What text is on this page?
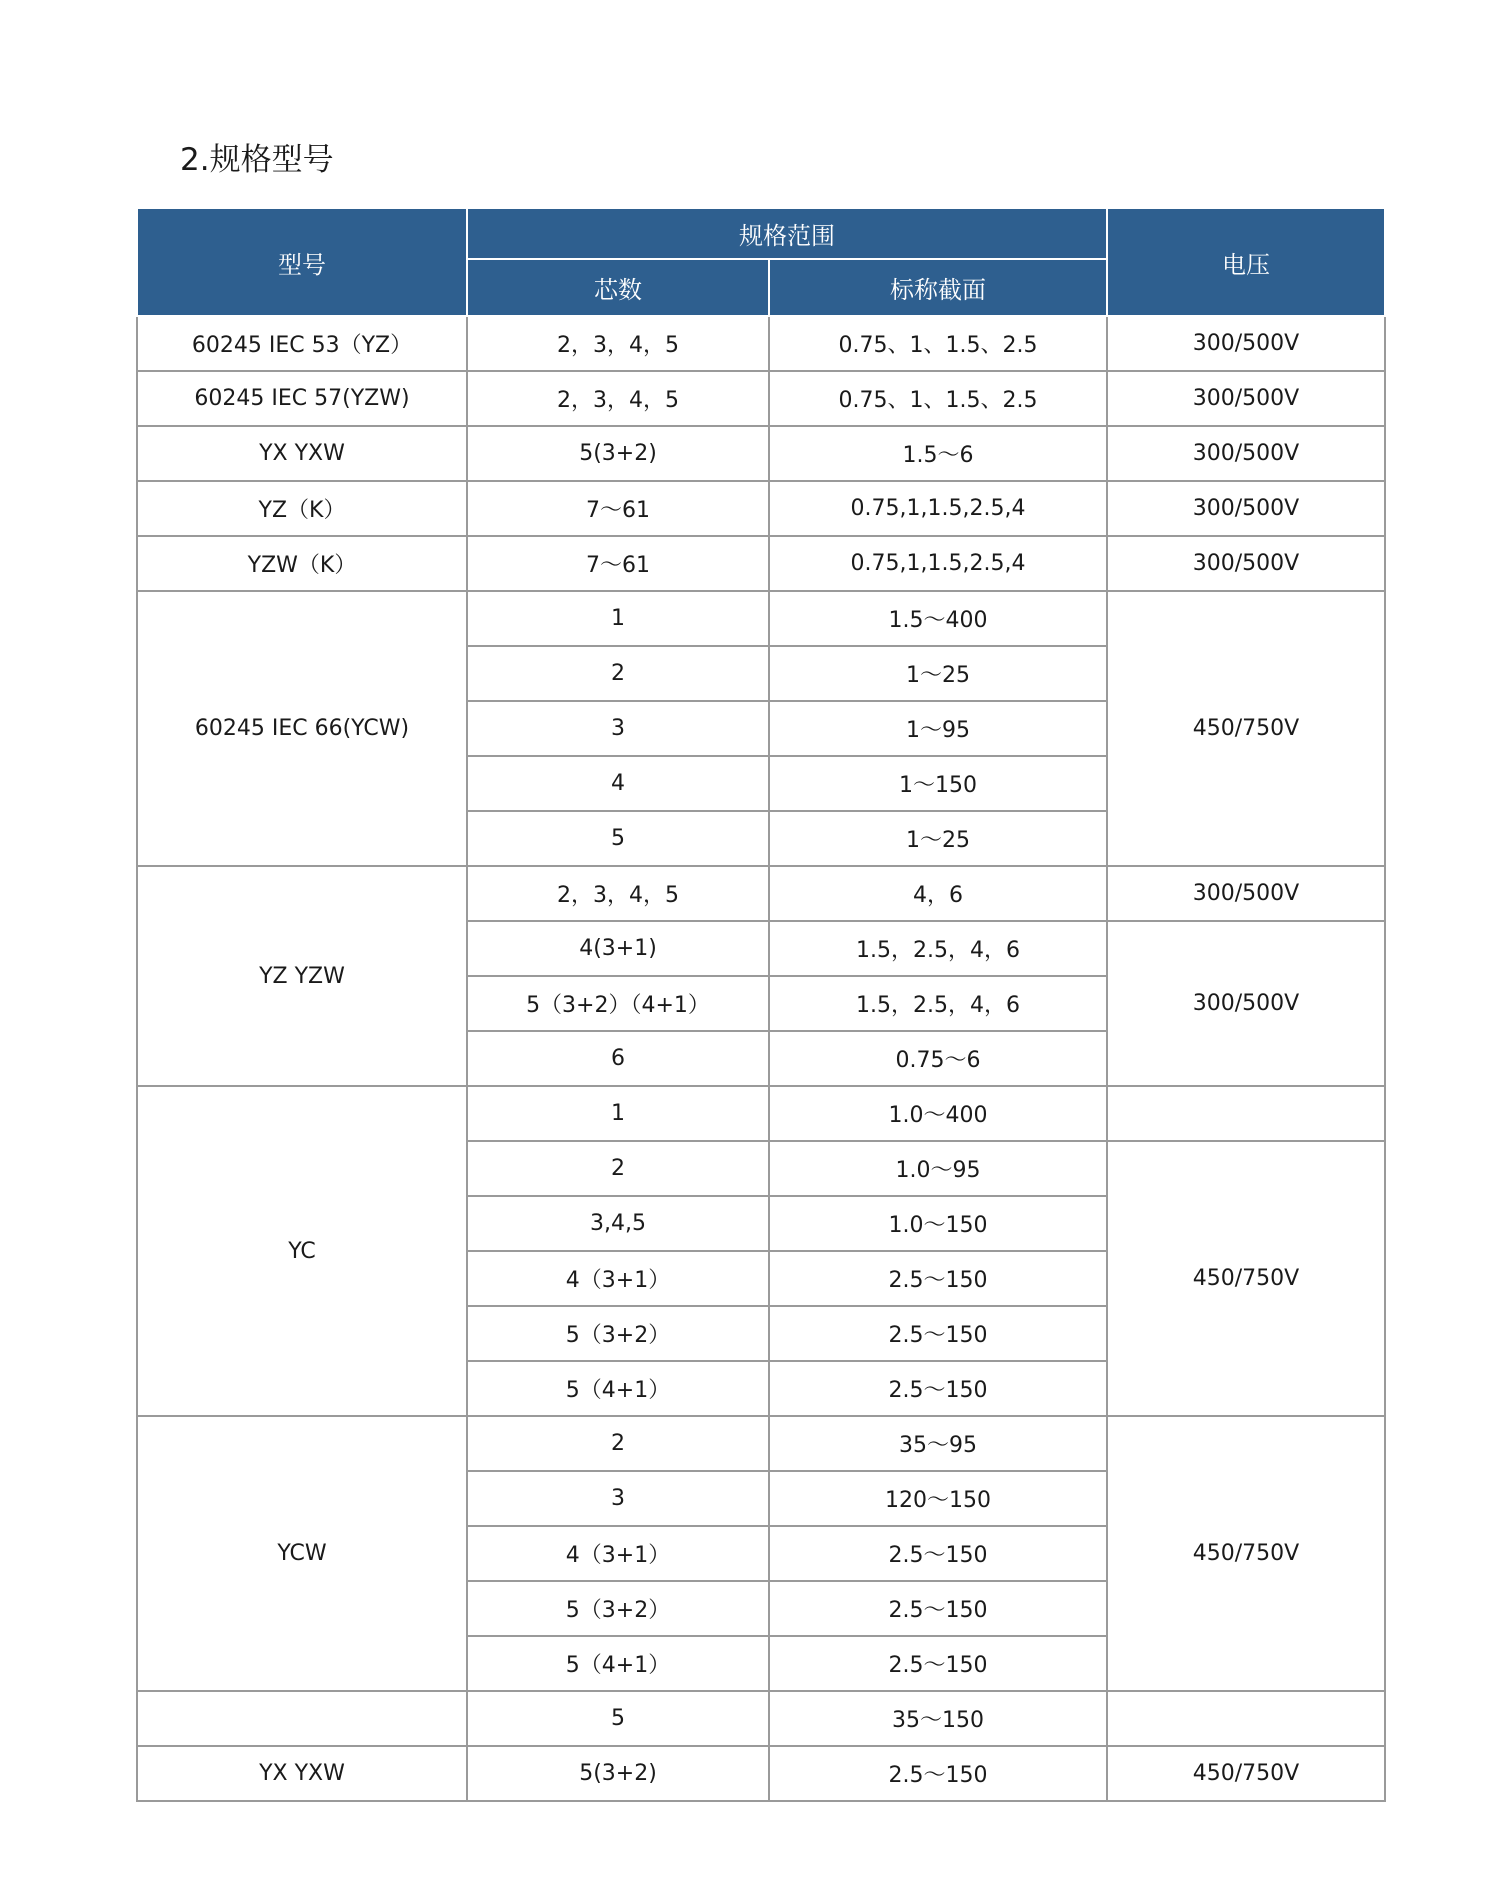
2.规格型号
型号	规格范围		电压
	芯数	标称截面	
60245 IEC 53（YZ）	2，3，4，5	0.75、1、1.5、2.5	300/500V
60245 IEC 57(YZW)	2，3，4，5	0.75、1、1.5、2.5	300/500V
YX YXW	5(3+2)	1.5～6	300/500V
YZ（K）	7～61	0.75,1,1.5,2.5,4	300/500V
YZW（K）	7～61	0.75,1,1.5,2.5,4	300/500V
60245 IEC 66(YCW)	1	1.5～400	450/750V
	2	1～25	
	3	1～95	
	4	1～150	
	5	1～25	
YZ YZW	2，3，4，5	4，6	300/500V
	4(3+1)	1.5，2.5，4，6	300/500V
	5（3+2）（4+1）	1.5，2.5，4，6	
	6	0.75～6	
YC	1	1.0～400	
	2	1.0～95	450/750V
	3,4,5	1.0～150	
	4（3+1）	2.5～150	
	5（3+2）	2.5～150	
	5（4+1）	2.5～150	
YCW	2	35～95	450/750V
	3	120～150	
	4（3+1）	2.5～150	
	5（3+2）	2.5～150	
	5（4+1）	2.5～150	
	5	35～150	
YX YXW	5(3+2)	2.5～150	450/750V
